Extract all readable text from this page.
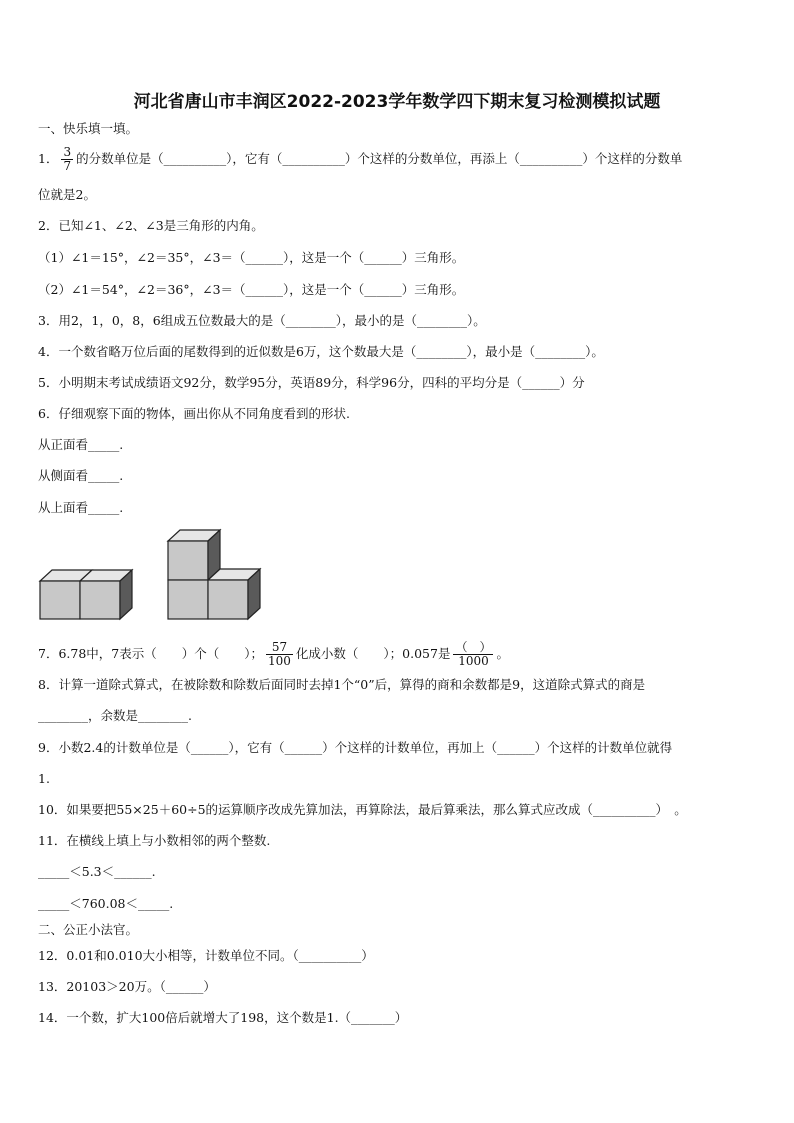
河北省唐山市丰润区2022-2023学年数学四下期末复习检测模拟试题
一、快乐填一填。
1． $\frac{3}{7}$ 的分数单位是（__________），它有（__________）个这样的分数单位，再添上（__________）个这样的分数单
位就是2。
2．已知∠1、∠2、∠3是三角形的内角。
（1）∠1＝15°，∠2＝35°，∠3＝（______），这是一个（______）三角形。
（2）∠1＝54°，∠2＝36°，∠3＝（______），这是一个（______）三角形。
3．用2，1，0，8，6组成五位数最大的是（________），最小的是（________）。
4．一个数省略万位后面的尾数得到的近似数是6万，这个数最大是（________），最小是（________）。
5．小明期末考试成绩语文92分，数学95分，英语89分，科学96分，四科的平均分是（______）分
6．仔细观察下面的物体，画出你从不同角度看到的形状.
从正面看_____.
从侧面看_____.
从上面看_____.
7．6.78中，7表示（　　）个（　　）； $\frac{57}{100}$ 化成小数（　　）；0.057是 $\frac{( )}{1000}$ 。
8．计算一道除式算式，在被除数和除数后面同时去掉1个“0”后，算得的商和余数都是9，这道除式算式的商是
________，余数是________.
9．小数2.4的计数单位是（______），它有（______）个这样的计数单位，再加上（______）个这样的计数单位就得
1.
10．如果要把55×25＋60÷5的运算顺序改成先算加法，再算除法，最后算乘法，那么算式应改成（__________）　。
11．在横线上填上与小数相邻的两个整数.
_____＜5.3＜______.
_____＜760.08＜_____.
二、公正小法官。
12．0.01和0.010大小相等，计数单位不同。（__________）
13．20103＞20万。（______）
14．一个数，扩大100倍后就增大了198，这个数是1.（_______）
